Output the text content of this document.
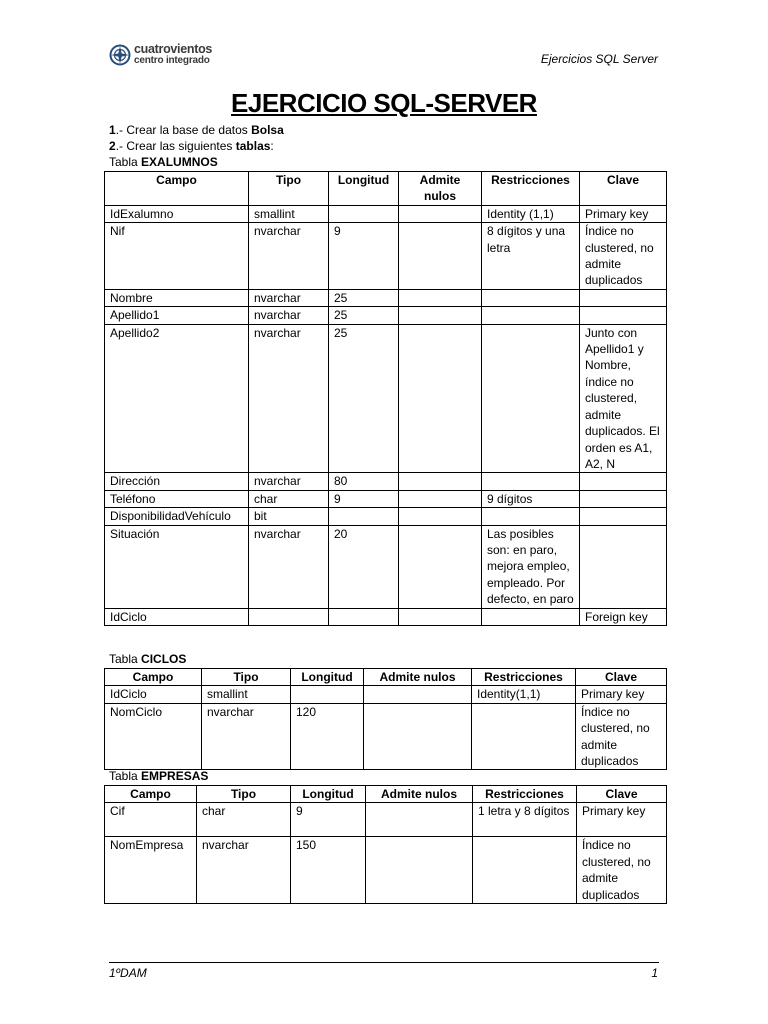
cuatrovientos
centro integrado	Ejercicios SQL Server
EJERCICIO SQL-SERVER
1.- Crear la base de datos Bolsa
2.- Crear las siguientes tablas:
Tabla EXALUMNOS
Campo	Tipo	Longitud	Admite nulos	Restricciones	Clave
IdExalumno	smallint			Identity (1,1)	Primary key
Nif	nvarchar	9		8 dígitos y una letra	Índice no clustered, no admite duplicados
Nombre	nvarchar	25			
Apellido1	nvarchar	25			
Apellido2	nvarchar	25			Junto con Apellido1 y Nombre, índice no clustered, admite duplicados. El orden es A1, A2, N
Dirección	nvarchar	80			
Teléfono	char	9		9 dígitos	
DisponibilidadVehículo	bit				
Situación	nvarchar	20		Las posibles son: en paro, mejora empleo, empleado. Por defecto, en paro	
IdCiclo					Foreign key
Tabla CICLOS
Campo	Tipo	Longitud	Admite nulos	Restricciones	Clave
IdCiclo	smallint			Identity(1,1)	Primary key
NomCiclo	nvarchar	120			Índice no clustered, no admite duplicados
Tabla EMPRESAS
Campo	Tipo	Longitud	Admite nulos	Restricciones	Clave
Cif	char	9		1 letra y 8 dígitos	Primary key
NomEmpresa	nvarchar	150			Índice no clustered, no admite duplicados
1ºDAM	1
